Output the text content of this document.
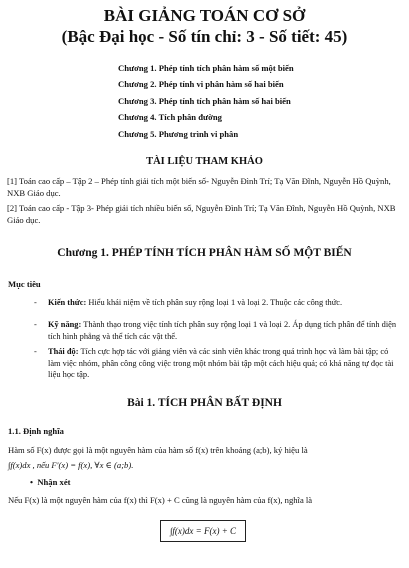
BÀI GIẢNG TOÁN CƠ SỞ
(Bậc Đại học - Số tín chỉ: 3 - Số tiết: 45)
Chương 1. Phép tính tích phân hàm số một biến
Chương 2. Phép tính vi phân hàm số hai biến
Chương 3. Phép tính tích phân hàm số hai biến
Chương 4. Tích phân đường
Chương 5. Phương trình vi phân
TÀI LIỆU THAM KHẢO
[1] Toán cao cấp – Tập 2 – Phép tính giải tích một biến số- Nguyễn Đình Trí; Tạ Văn Đĩnh, Nguyễn Hồ Quỳnh, NXB Giáo dục.
[2] Toán cao cấp - Tập 3- Phép giải tích nhiều biến số, Nguyễn Đình Trí; Tạ Văn Đĩnh, Nguyễn Hồ Quỳnh, NXB Giáo dục.
Chương 1. PHÉP TÍNH TÍCH PHÂN HÀM SỐ MỘT BIẾN
Mục tiêu
- Kiến thức: Hiểu khái niệm về tích phân suy rộng loại 1 và loại 2. Thuộc các công thức.
- Kỹ năng: Thành thạo trong việc tính tích phân suy rộng loại 1 và loại 2. Áp dụng tích phân để tính diện tích hình phẳng và thể tích các vật thể.
- Thái độ: Tích cực hợp tác với giảng viên và các sinh viên khác trong quá trình học và làm bài tập; có làm việc nhóm, phân công công việc trong một nhóm bài tập một cách hiệu quả; có khả năng tự đọc tài liệu học tập.
Bài 1. TÍCH PHÂN BẤT ĐỊNH
1.1. Định nghĩa
Hàm số F(x) được gọi là một nguyên hàm của hàm số f(x) trên khoảng (a;b), ký hiệu là
∫f(x)dx , nếu F′(x) = f(x), ∀x ∈ (a;b).
• Nhận xét
Nếu F(x) là một nguyên hàm của f(x) thì F(x) + C cũng là nguyên hàm của f(x), nghĩa là
∫f(x)dx = F(x) + C
